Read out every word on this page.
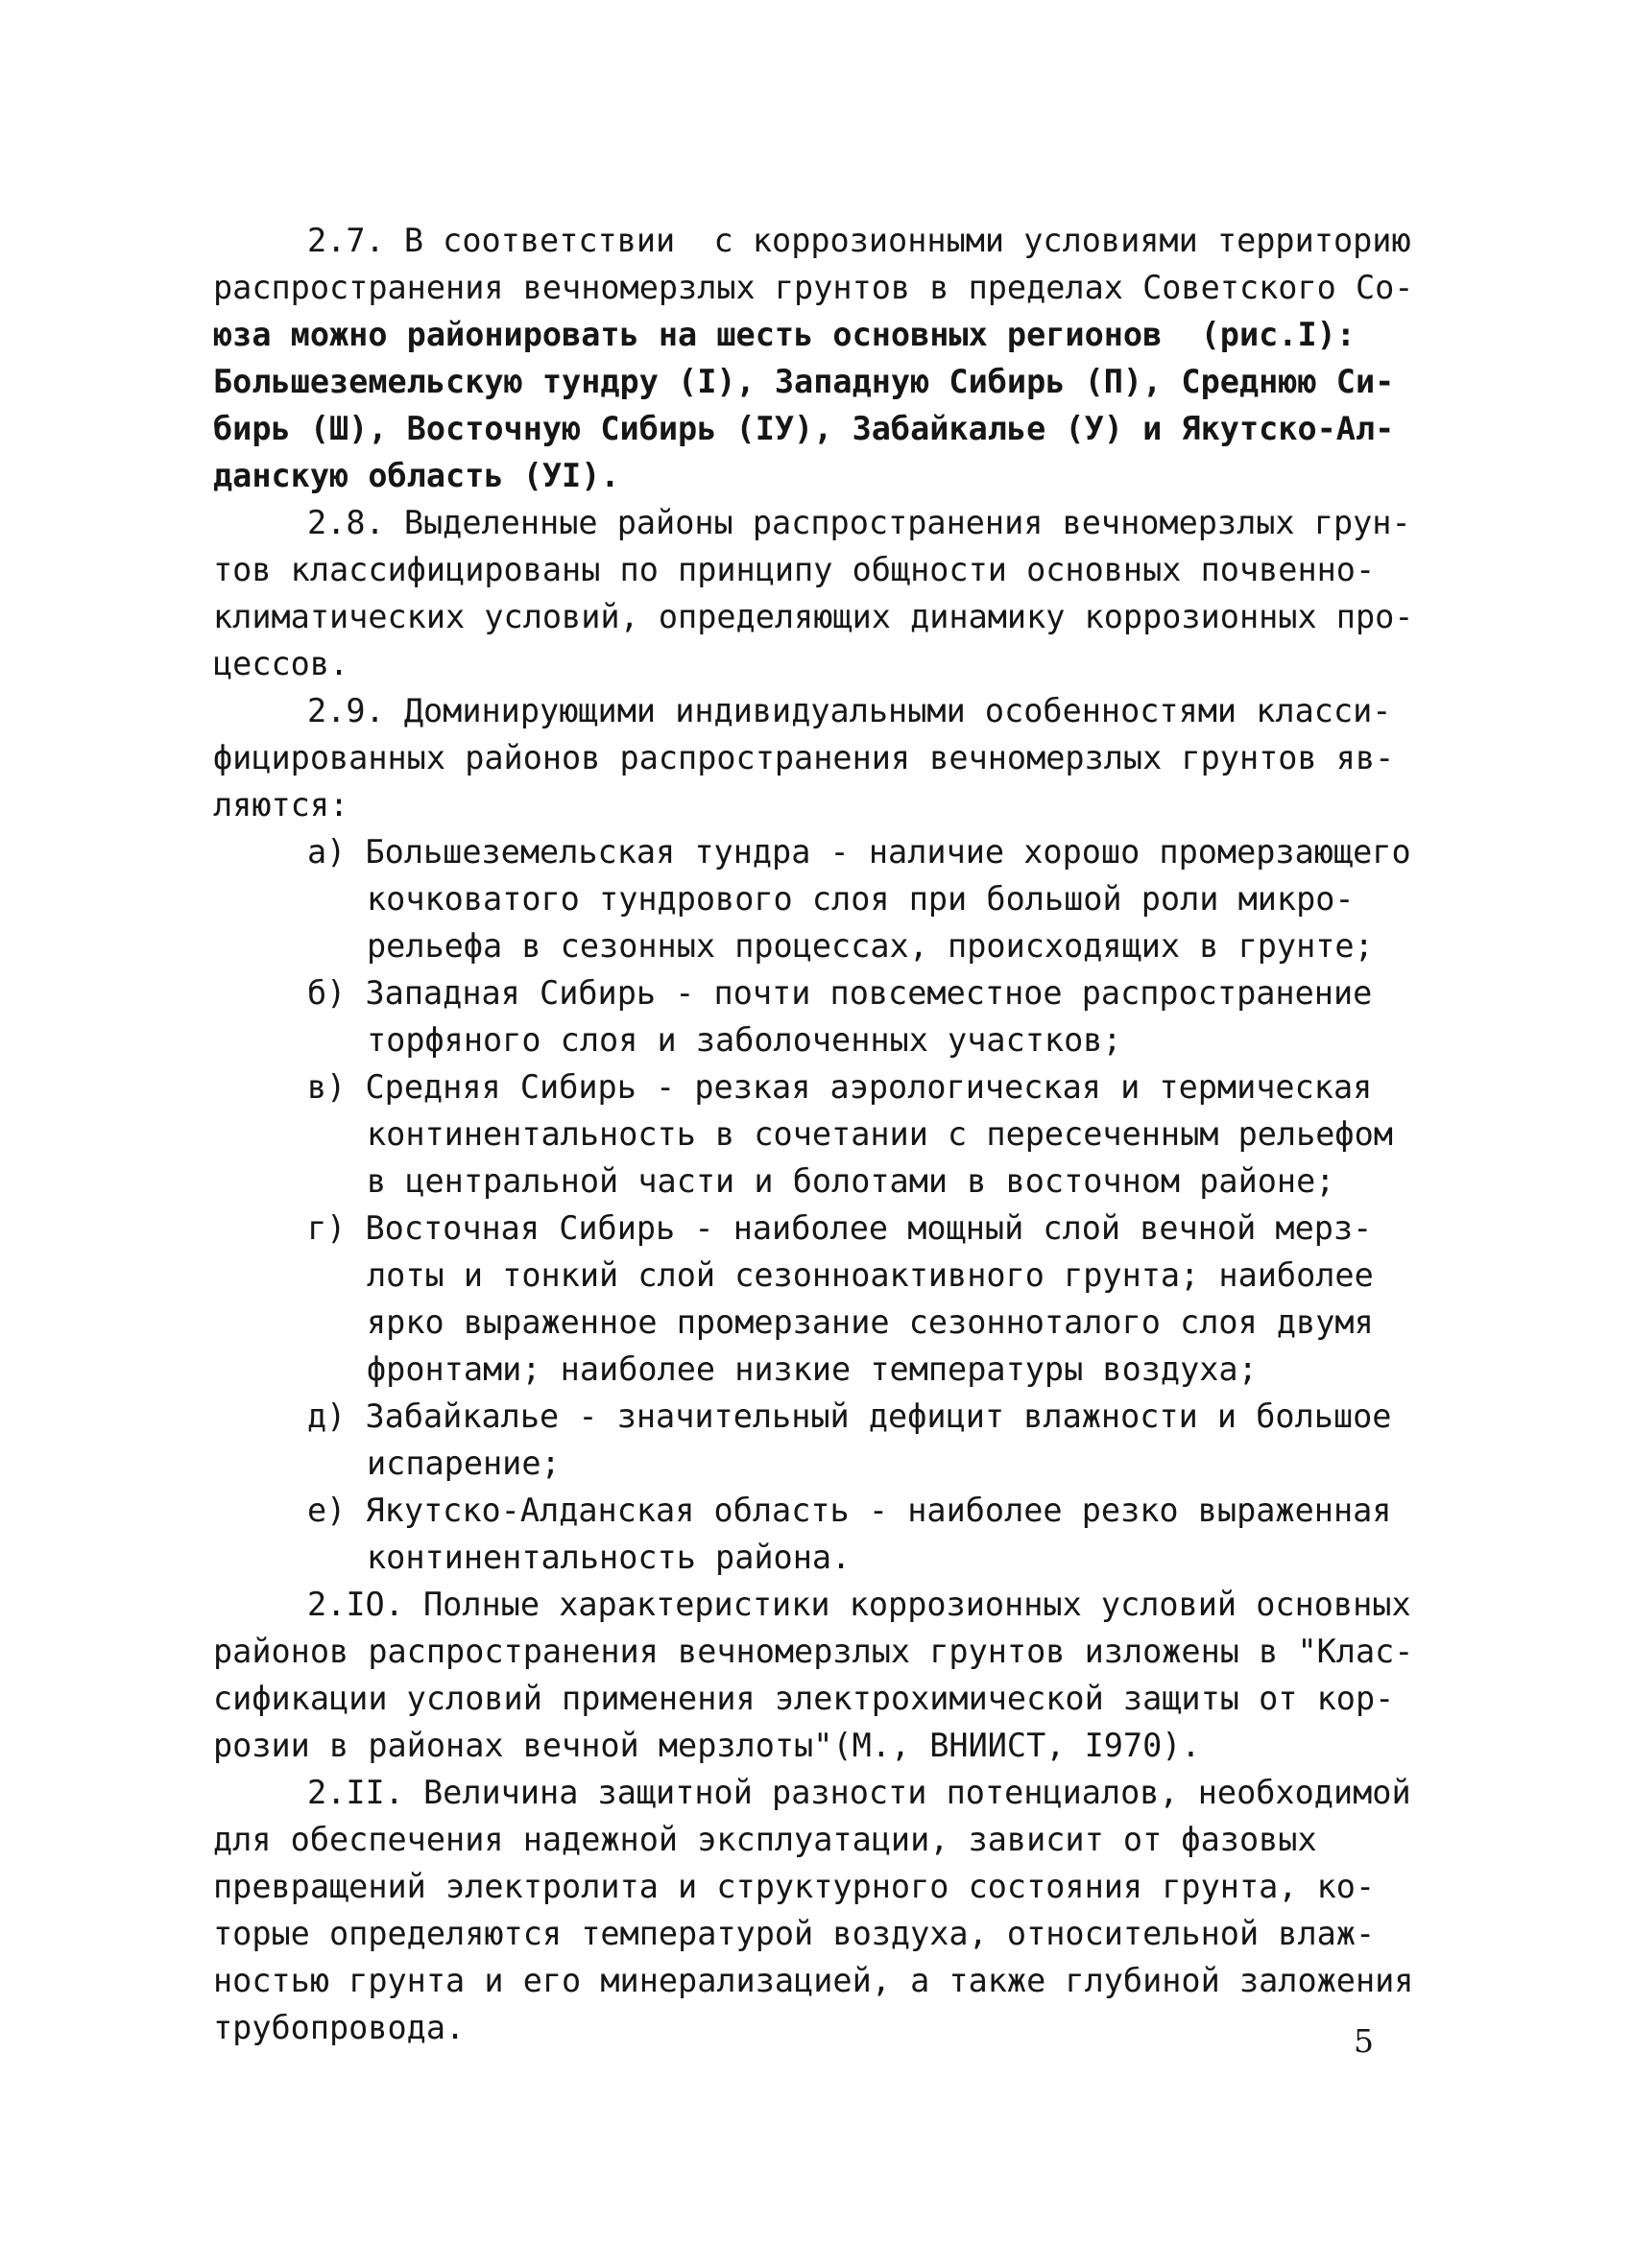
2.7. В соответствии  с коррозионными условиями территорию
распространения вечномерзлых грунтов в пределах Советского Со-
юза можно районировать на шесть основных регионов  (рис.I):
Большеземельскую тундру (I), Западную Сибирь (П), Среднюю Си-
бирь (Ш), Восточную Сибирь (IУ), Забайкалье (У) и Якутско-Ал-
данскую область (УI).
2.8. Выделенные районы распространения вечномерзлых грун-
тов классифицированы по принципу общности основных почвенно-
климатических условий, определяющих динамику коррозионных про-
цессов.
2.9. Доминирующими индивидуальными особенностями класси-
фицированных районов распространения вечномерзлых грунтов яв-
ляются:
а) Большеземельская тундра - наличие хорошо промерзающего
кочковатого тундрового слоя при большой роли микро-
рельефа в сезонных процессах, происходящих в грунте;
б) Западная Сибирь - почти повсеместное распространение
торфяного слоя и заболоченных участков;
в) Средняя Сибирь - резкая аэрологическая и термическая
континентальность в сочетании с пересеченным рельефом
в центральной части и болотами в восточном районе;
г) Восточная Сибирь - наиболее мощный слой вечной мерз-
лоты и тонкий слой сезонноактивного грунта; наиболее
ярко выраженное промерзание сезонноталого слоя двумя
фронтами; наиболее низкие температуры воздуха;
д) Забайкалье - значительный дефицит влажности и большое
испарение;
е) Якутско-Алданская область - наиболее резко выраженная
континентальность района.
2.IO. Полные характеристики коррозионных условий основных
районов распространения вечномерзлых грунтов изложены в "Клас-
сификации условий применения электрохимической защиты от кор-
розии в районах вечной мерзлоты"(М., ВНИИСТ, I970).
2.II. Величина защитной разности потенциалов, необходимой
для обеспечения надежной эксплуатации, зависит от фазовых
превращений электролита и структурного состояния грунта, ко-
торые определяются температурой воздуха, относительной влаж-
ностью грунта и его минерализацией, а также глубиной заложения
трубопровода.	5
